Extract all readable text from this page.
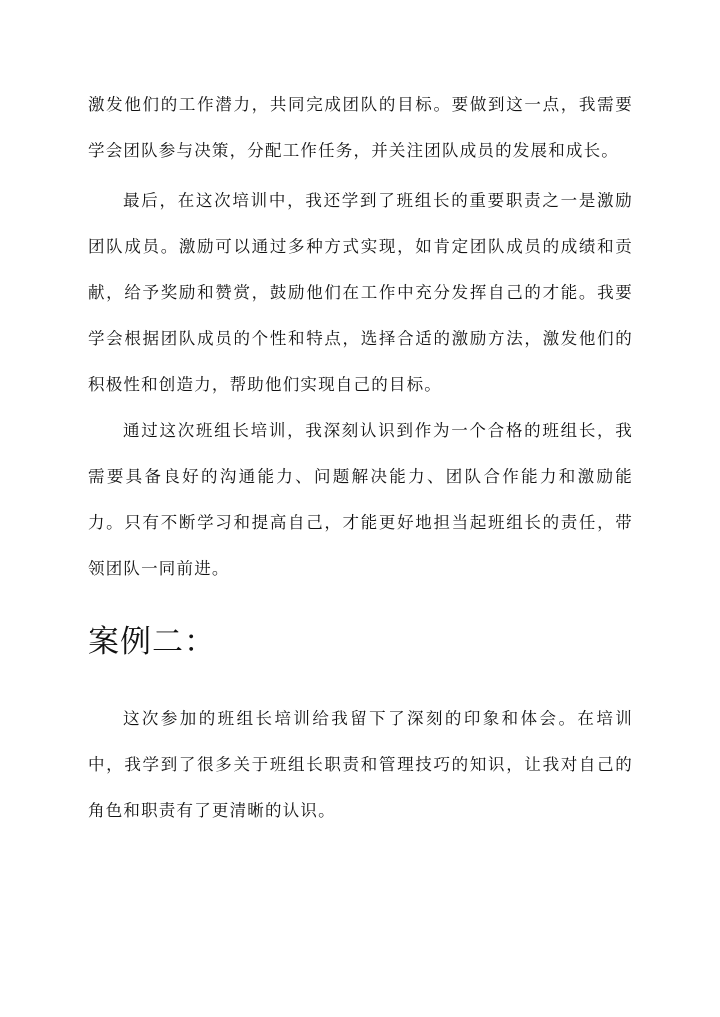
激发他们的工作潜力，共同完成团队的目标。要做到这一点，我需要学会团队参与决策，分配工作任务，并关注团队成员的发展和成长。

最后，在这次培训中，我还学到了班组长的重要职责之一是激励团队成员。激励可以通过多种方式实现，如肯定团队成员的成绩和贡献，给予奖励和赞赏，鼓励他们在工作中充分发挥自己的才能。我要学会根据团队成员的个性和特点，选择合适的激励方法，激发他们的积极性和创造力，帮助他们实现自己的目标。

通过这次班组长培训，我深刻认识到作为一个合格的班组长，我需要具备良好的沟通能力、问题解决能力、团队合作能力和激励能力。只有不断学习和提高自己，才能更好地担当起班组长的责任，带领团队一同前进。

案例二：

这次参加的班组长培训给我留下了深刻的印象和体会。在培训中，我学到了很多关于班组长职责和管理技巧的知识，让我对自己的角色和职责有了更清晰的认识。
